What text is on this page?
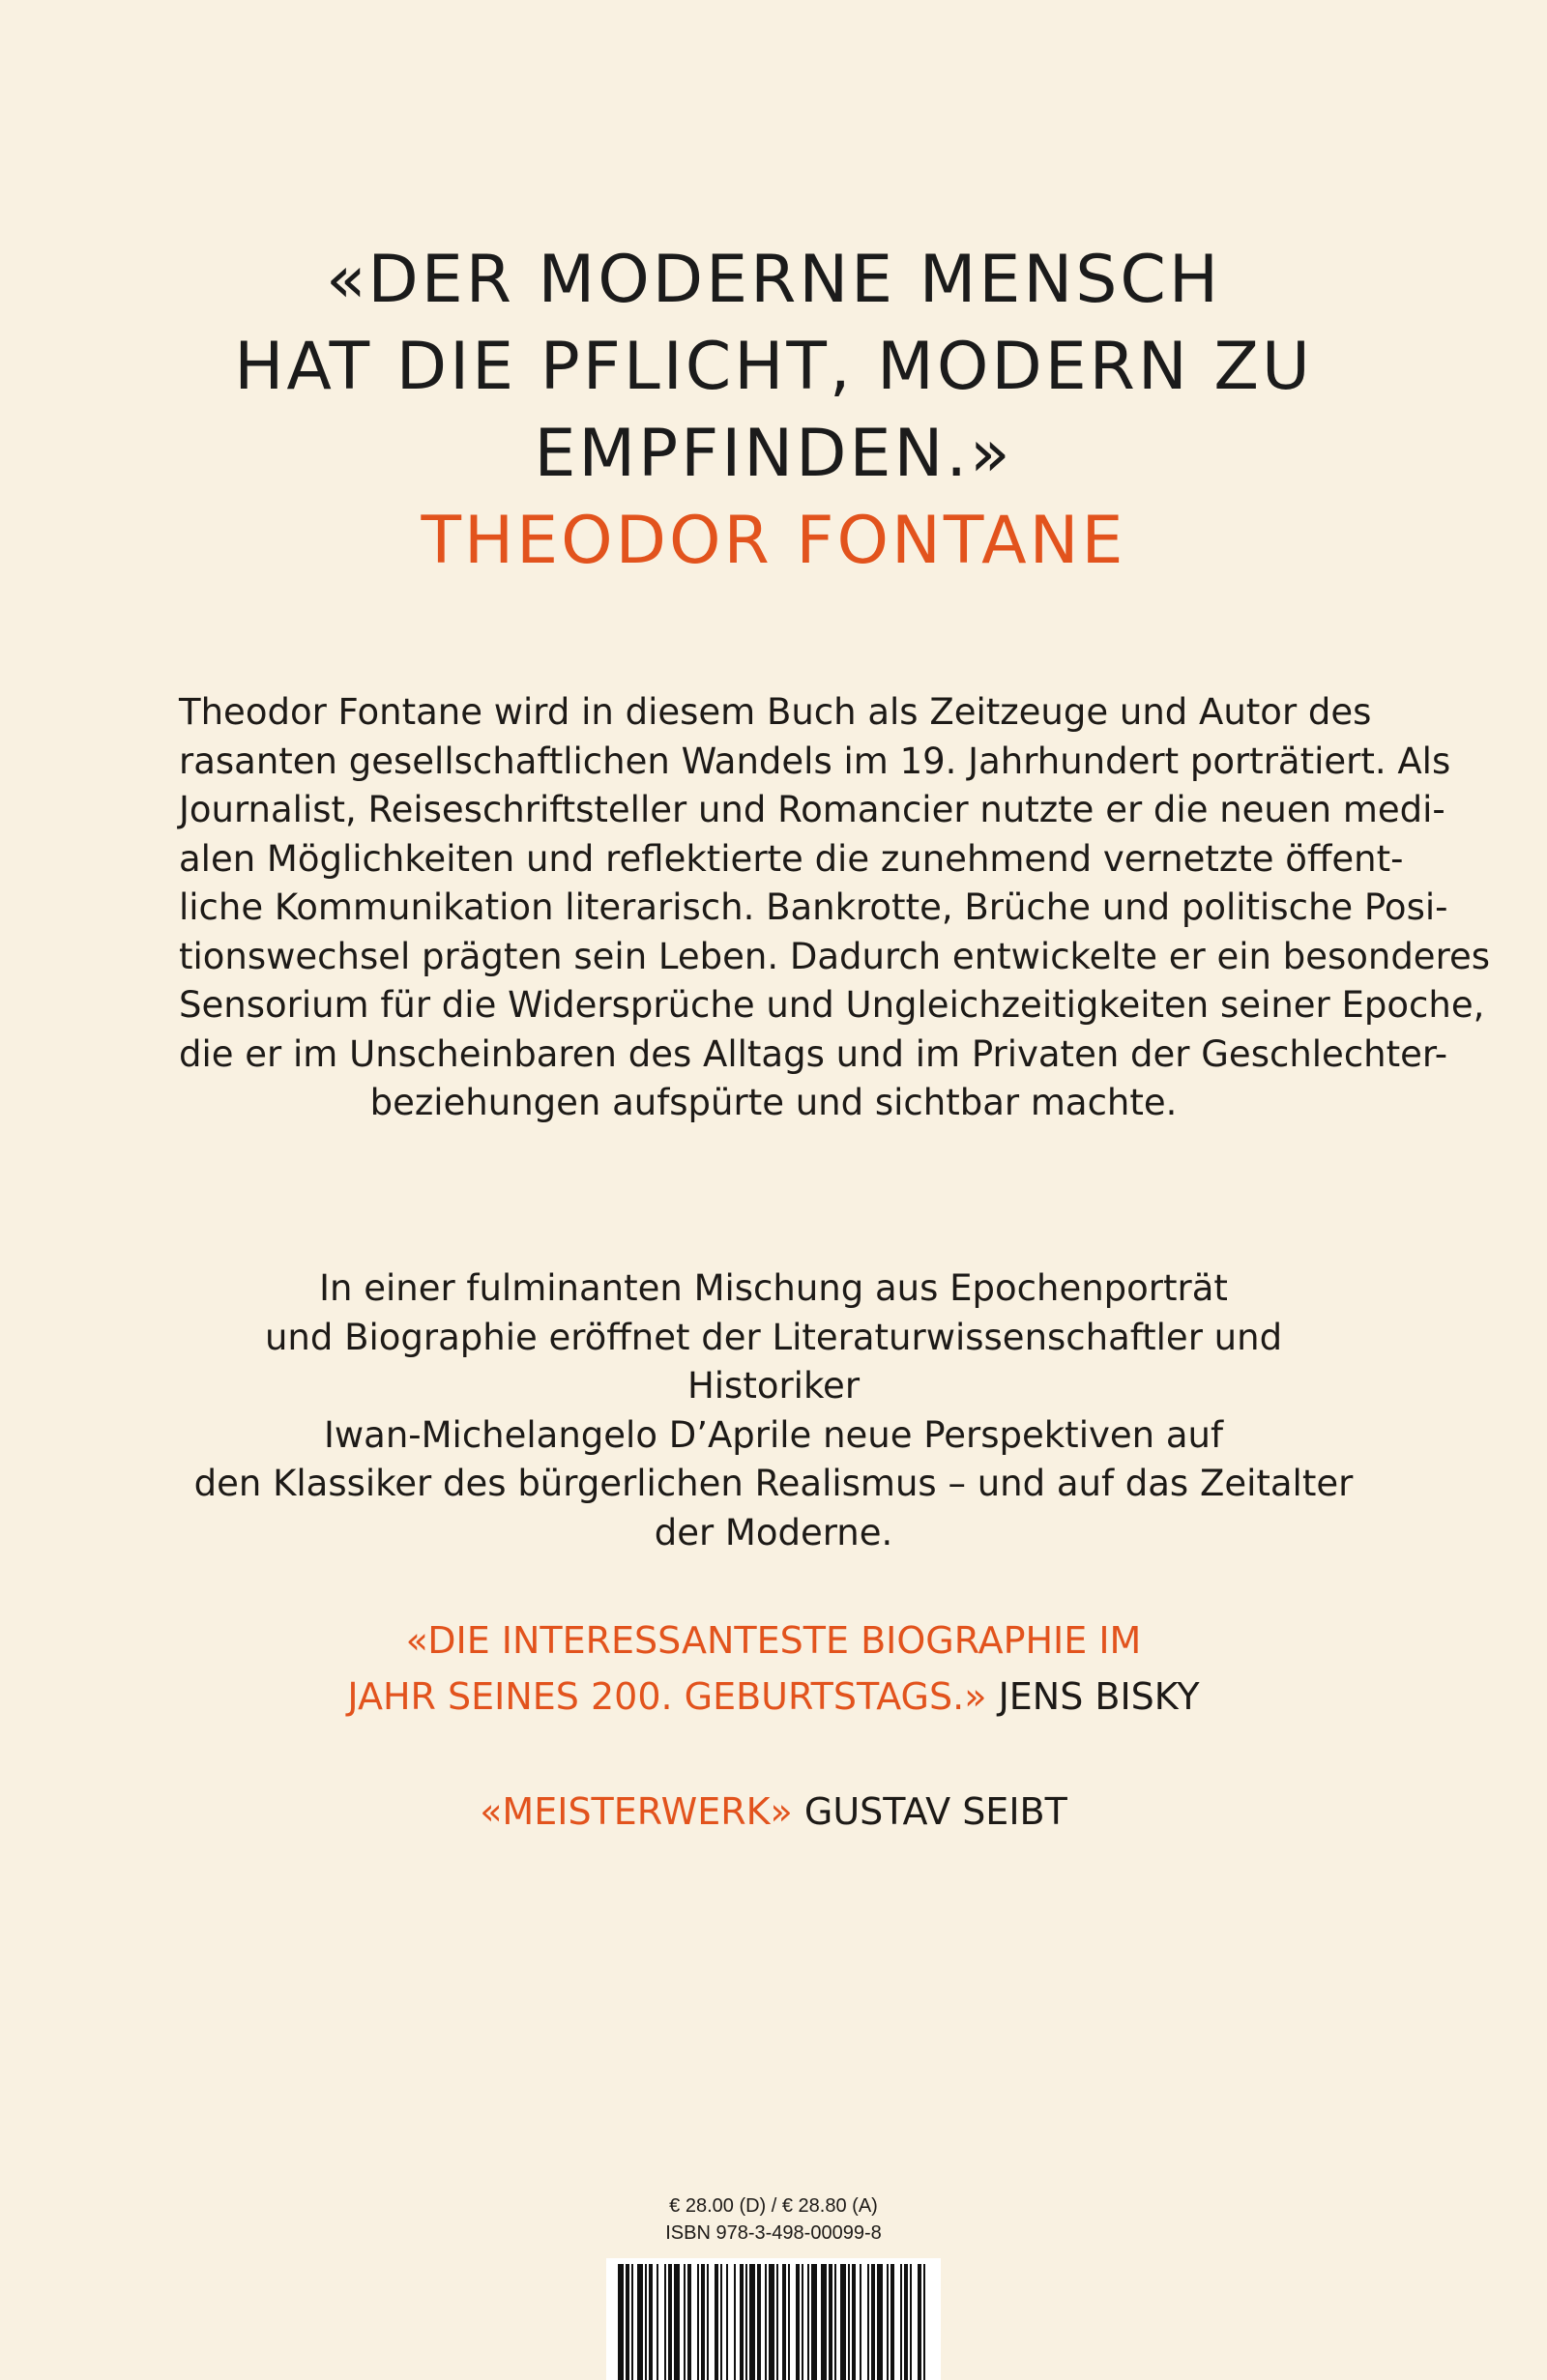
«DER MODERNE MENSCH
HAT DIE PFLICHT, MODERN ZU
EMPFINDEN.»
THEODOR FONTANE
Theodor Fontane wird in diesem Buch als Zeitzeuge und Autor des
rasanten gesellschaftlichen Wandels im 19. Jahrhundert porträtiert. Als
Journalist, Reiseschriftsteller und Romancier nutzte er die neuen medi-
alen Möglichkeiten und reflektierte die zunehmend vernetzte öffent-
liche Kommunikation literarisch. Bankrotte, Brüche und politische Posi-
tionswechsel prägten sein Leben. Dadurch entwickelte er ein besonderes
Sensorium für die Widersprüche und Ungleichzeitigkeiten seiner Epoche,
die er im Unscheinbaren des Alltags und im Privaten der Geschlechter-
beziehungen aufspürte und sichtbar machte.
In einer fulminanten Mischung aus Epochenporträt
und Biographie eröffnet der Literaturwissenschaftler und Historiker
Iwan-Michelangelo D’Aprile neue Perspektiven auf
den Klassiker des bürgerlichen Realismus – und auf das Zeitalter
der Moderne.
«DIE INTERESSANTESTE BIOGRAPHIE IM
JAHR SEINES 200. GEBURTSTAGS.» JENS BISKY
«MEISTERWERK» GUSTAV SEIBT
€ 28.00 (D) / € 28.80 (A)
ISBN 978-3-498-00099-8
